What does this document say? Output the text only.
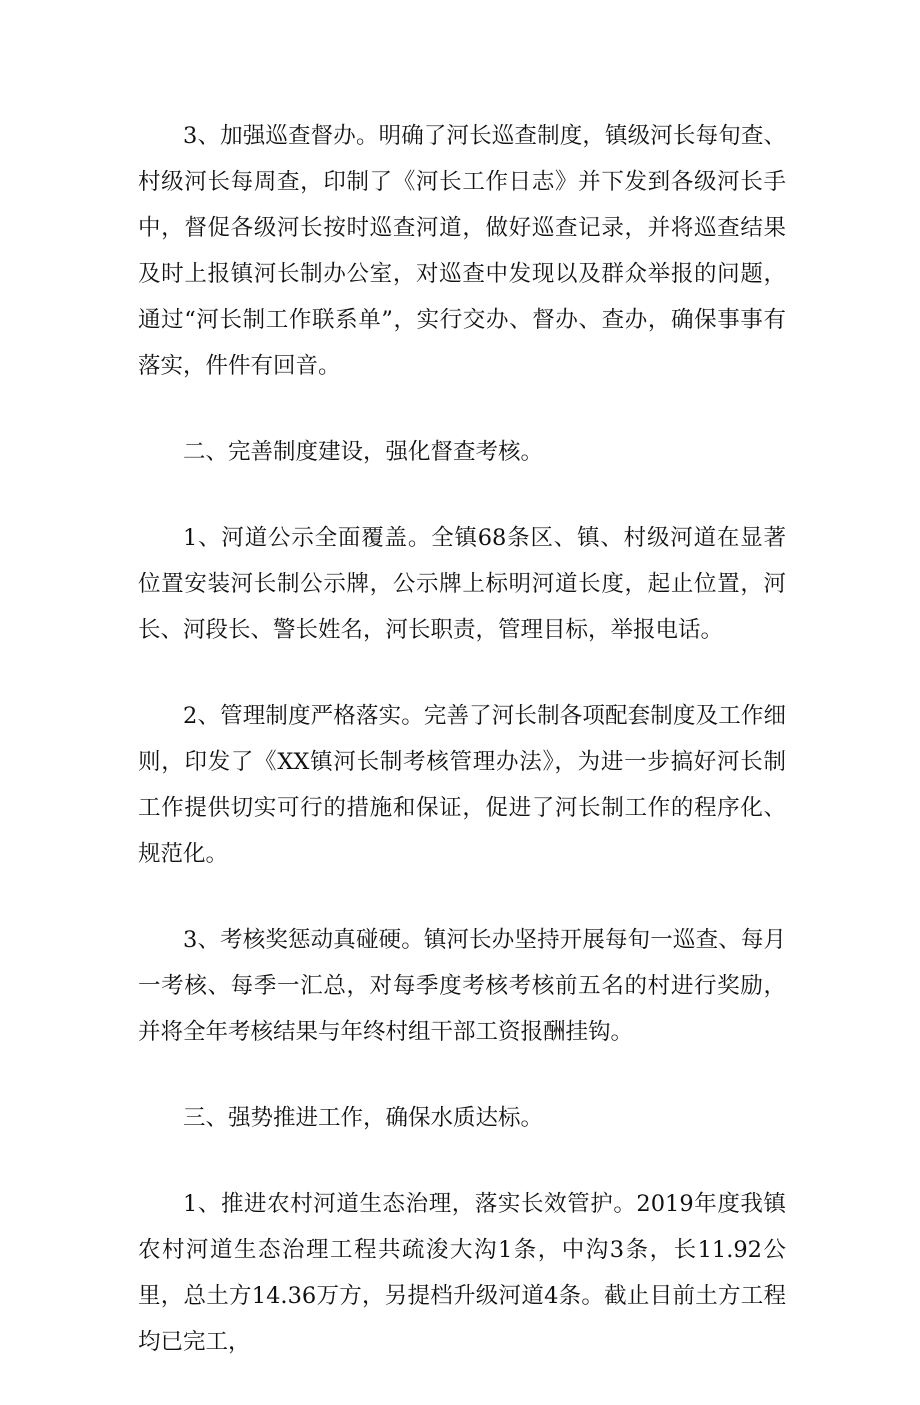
3、加强巡查督办。明确了河长巡查制度，镇级河长每旬查、村级河长每周查，印制了《河长工作日志》并下发到各级河长手中，督促各级河长按时巡查河道，做好巡查记录，并将巡查结果及时上报镇河长制办公室，对巡查中发现以及群众举报的问题，通过“河长制工作联系单”，实行交办、督办、查办，确保事事有落实，件件有回音。

二、完善制度建设，强化督查考核。

1、河道公示全面覆盖。全镇68条区、镇、村级河道在显著位置安装河长制公示牌，公示牌上标明河道长度，起止位置，河长、河段长、警长姓名，河长职责，管理目标，举报电话。

2、管理制度严格落实。完善了河长制各项配套制度及工作细则，印发了《XX镇河长制考核管理办法》，为进一步搞好河长制工作提供切实可行的措施和保证，促进了河长制工作的程序化、规范化。

3、考核奖惩动真碰硬。镇河长办坚持开展每旬一巡查、每月一考核、每季一汇总，对每季度考核考核前五名的村进行奖励，并将全年考核结果与年终村组干部工资报酬挂钩。

三、强势推进工作，确保水质达标。

1、推进农村河道生态治理，落实长效管护。2019年度我镇农村河道生态治理工程共疏浚大沟1条，中沟3条，长11.92公里，总土方14.36万方，另提档升级河道4条。截止目前土方工程均已完工，
